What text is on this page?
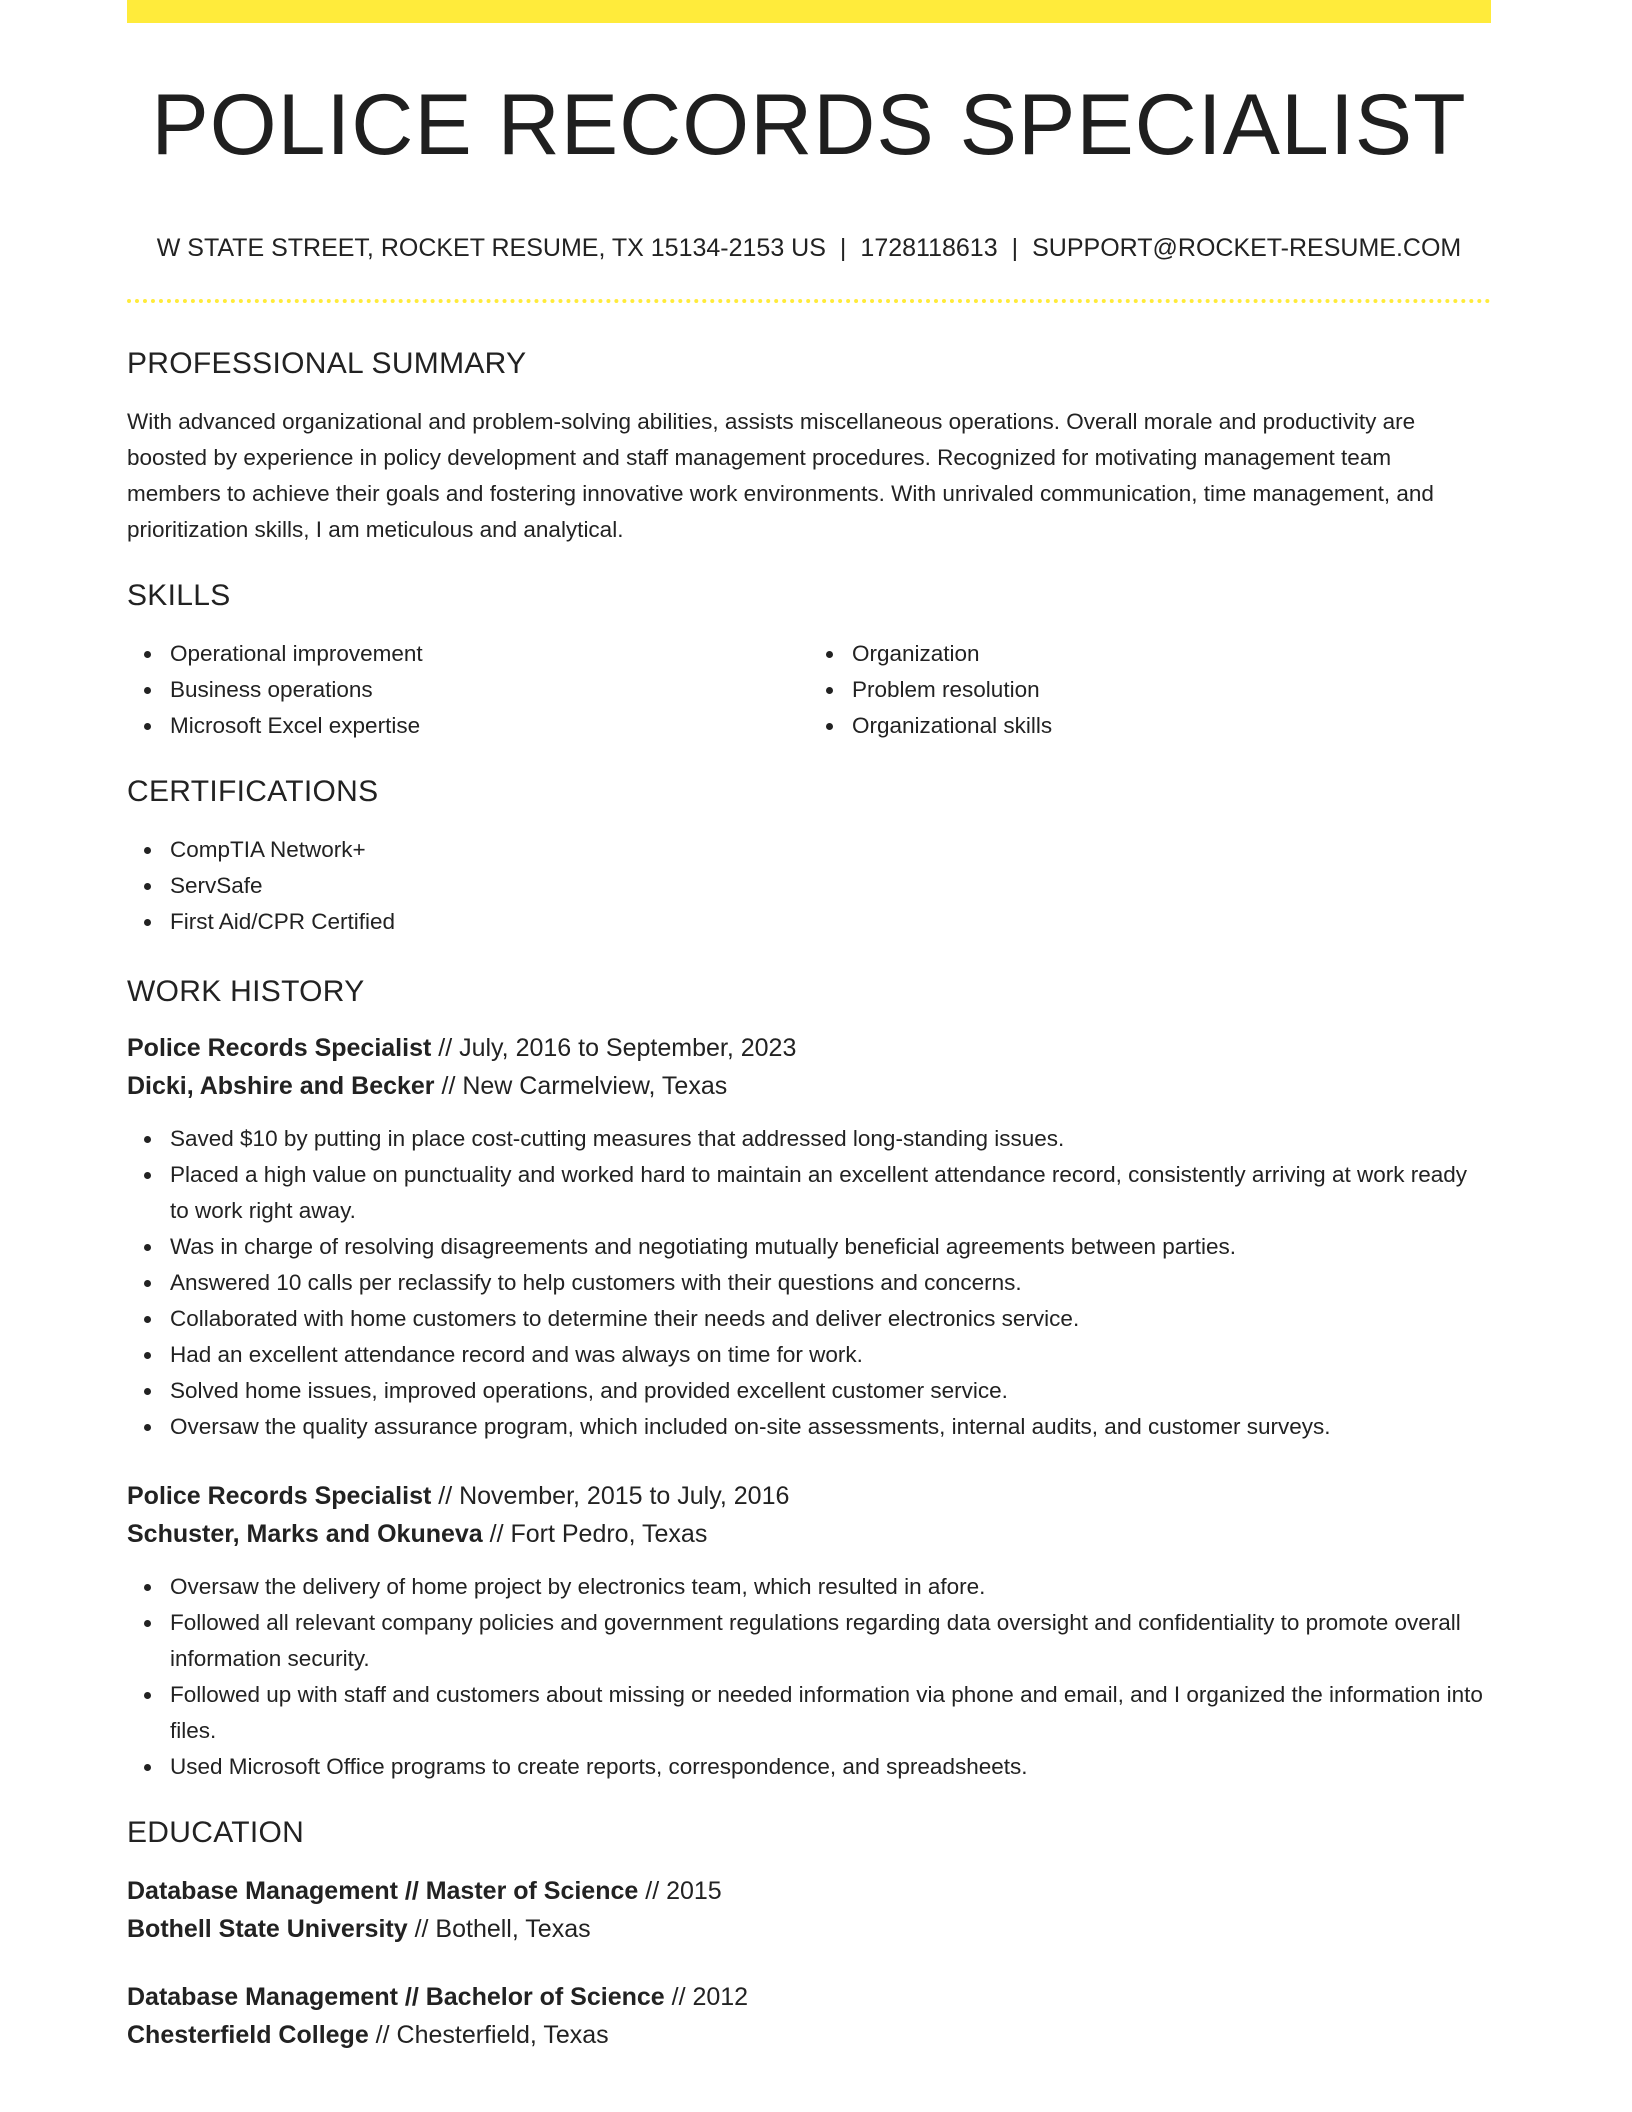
POLICE RECORDS SPECIALIST
W STATE STREET, ROCKET RESUME, TX 15134-2153 US | 1728118613 | SUPPORT@ROCKET-RESUME.COM
PROFESSIONAL SUMMARY

With advanced organizational and problem-solving abilities, assists miscellaneous operations. Overall morale and productivity are boosted by experience in policy development and staff management procedures. Recognized for motivating management team members to achieve their goals and fostering innovative work environments. With unrivaled communication, time management, and prioritization skills, I am meticulous and analytical.

SKILLS
Operational improvement
Business operations
Microsoft Excel expertise
Organization
Problem resolution
Organizational skills
CERTIFICATIONS
CompTIA Network+
ServSafe
First Aid/CPR Certified
WORK HISTORY
Police Records Specialist // July, 2016 to September, 2023
Dicki, Abshire and Becker // New Carmelview, Texas
Saved $10 by putting in place cost-cutting measures that addressed long-standing issues.
Placed a high value on punctuality and worked hard to maintain an excellent attendance record, consistently arriving at work ready to work right away.
Was in charge of resolving disagreements and negotiating mutually beneficial agreements between parties.
Answered 10 calls per reclassify to help customers with their questions and concerns.
Collaborated with home customers to determine their needs and deliver electronics service.
Had an excellent attendance record and was always on time for work.
Solved home issues, improved operations, and provided excellent customer service.
Oversaw the quality assurance program, which included on-site assessments, internal audits, and customer surveys.
Police Records Specialist // November, 2015 to July, 2016
Schuster, Marks and Okuneva // Fort Pedro, Texas
Oversaw the delivery of home project by electronics team, which resulted in afore.
Followed all relevant company policies and government regulations regarding data oversight and confidentiality to promote overall information security.
Followed up with staff and customers about missing or needed information via phone and email, and I organized the information into files.
Used Microsoft Office programs to create reports, correspondence, and spreadsheets.
EDUCATION
Database Management // Master of Science // 2015
Bothell State University // Bothell, Texas
Database Management // Bachelor of Science // 2012
Chesterfield College // Chesterfield, Texas
